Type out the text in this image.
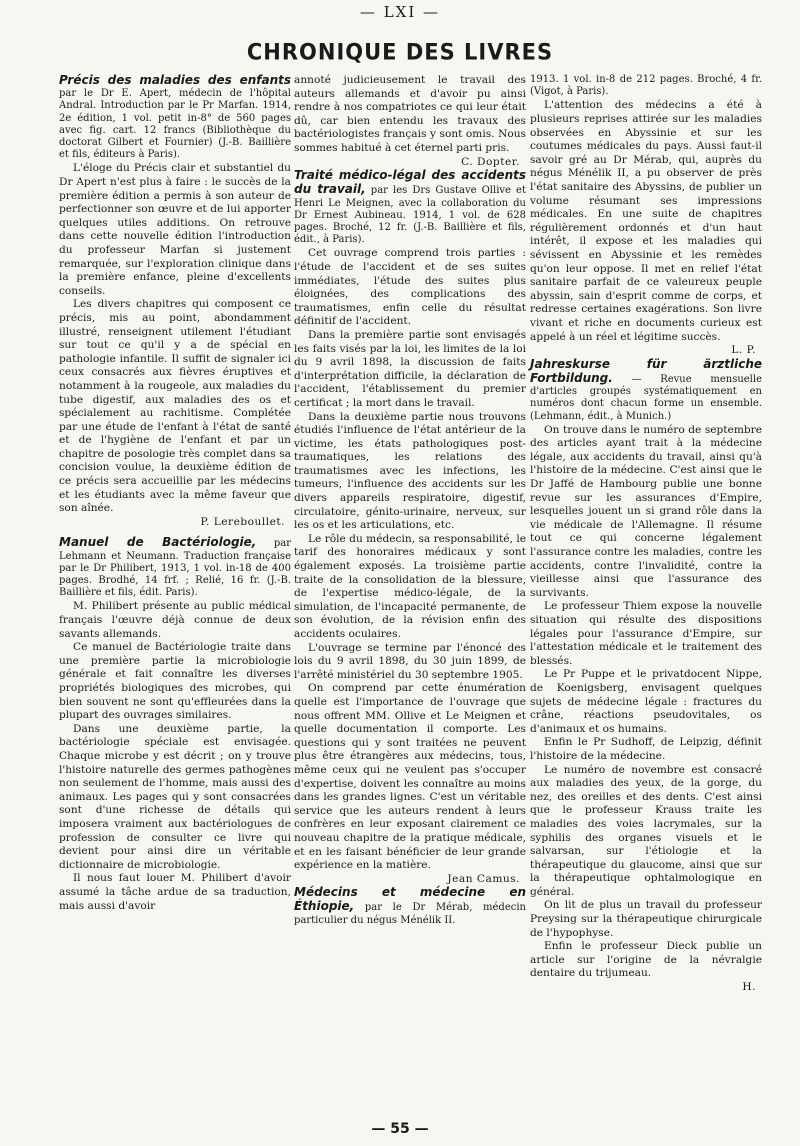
— LXI —
CHRONIQUE DES LIVRES
Précis des maladies des enfants par le Dr E. Apert, médecin de l'hôpital Andral. Introduction par le Pr Marfan. 1914, 2e édition, 1 vol. petit in-8° de 560 pages avec fig. cart. 12 francs (Bibliothèque du doctorat Gilbert et Fournier) (J.-B. Baillière et fils, éditeurs à Paris).

L'éloge du Précis clair et substantiel du Dr Apert n'est plus à faire : le succès de la première édition a permis à son auteur de perfectionner son œuvre et de lui apporter quelques utiles additions. On retrouve dans cette nouvelle édition l'introduction du professeur Marfan si justement remarquée, sur l'exploration clinique dans la première enfance, pleine d'excellents conseils.

Les divers chapitres qui composent ce précis, mis au point, abondamment illustré, renseignent utilement l'étudiant sur tout ce qu'il y a de spécial en pathologie infantile. Il suffit de signaler ici ceux consacrés aux fièvres éruptives et notamment à la rougeole, aux maladies du tube digestif, aux maladies des os et spécialement au rachitisme. Complétée par une étude de l'enfant à l'état de santé et de l'hygiène de l'enfant et par un chapitre de posologie très complet dans sa concision voulue, la deuxième édition de ce précis sera accueillie par les médecins et les étudiants avec la même faveur que son aînée.

P. Lereboullet.

Manuel de Bactériologie, par Lehmann et Neumann. Traduction française par le Dr Philibert, 1913, 1 vol. in-18 de 400 pages. Brodhé, 14 frf. ; Relié, 16 fr. (J.-B. Baillière et fils, édit. Paris).

M. Philibert présente au public médical français l'œuvre déjà connue de deux savants allemands.

Ce manuel de Bactériologie traite dans une première partie la microbiologie générale et fait connaître les diverses propriétés biologiques des microbes, qui bien souvent ne sont qu'effleurées dans la plupart des ouvrages similaires.

Dans une deuxième partie, la bactériologie spéciale est envisagée. Chaque microbe y est décrit ; on y trouve l'histoire naturelle des germes pathogènes non seulement de l'homme, mais aussi des animaux. Les pages qui y sont consacrées sont d'une richesse de détails qui imposera vraiment aux bactériologues de profession de consulter ce livre qui devient pour ainsi dire un véritable dictionnaire de microbiologie.

Il nous faut louer M. Philibert d'avoir assumé la tâche ardue de sa traduction, mais aussi d'avoir

annoté judicieusement le travail des auteurs allemands et d'avoir pu ainsi rendre à nos compatriotes ce qui leur était dû, car bien entendu les travaux des bactériologistes français y sont omis. Nous sommes habitué à cet éternel parti pris.

C. Dopter.

Traité médico-légal des accidents du travail, par les Drs Gustave Ollive et Henri Le Meignen, avec la collaboration du Dr Ernest Aubineau. 1914, 1 vol. de 628 pages. Broché, 12 fr. (J.-B. Baillière et fils, édit., à Paris).

Cet ouvrage comprend trois parties : l'étude de l'accident et de ses suites immédiates, l'étude des suites plus éloignées, des complications des traumatismes, enfin celle du résultat définitif de l'accident.

Dans la première partie sont envisagés les faits visés par la loi, les limites de la loi du 9 avril 1898, la discussion de faits d'interprétation difficile, la déclaration de l'accident, l'établissement du premier certificat ; la mort dans le travail.

Dans la deuxième partie nous trouvons étudiés l'influence de l'état antérieur de la victime, les états pathologiques post-traumatiques, les relations des traumatismes avec les infections, les tumeurs, l'influence des accidents sur les divers appareils respiratoire, digestif, circulatoire, génito-urinaire, nerveux, sur les os et les articulations, etc.

Le rôle du médecin, sa responsabilité, le tarif des honoraires médicaux y sont également exposés. La troisième partie traite de la consolidation de la blessure, de l'expertise médico-légale, de la simulation, de l'incapacité permanente, de son évolution, de la révision enfin des accidents oculaires.

L'ouvrage se termine par l'énoncé des lois du 9 avril 1898, du 30 juin 1899, de l'arrêté ministériel du 30 septembre 1905.

On comprend par cette énumération quelle est l'importance de l'ouvrage que nous offrent MM. Ollive et Le Meignen et quelle documentation il comporte. Les questions qui y sont traitées ne peuvent plus être étrangères aux médecins, tous, même ceux qui ne veulent pas s'occuper d'expertise, doivent les connaître au moins dans les grandes lignes. C'est un véritable service que les auteurs rendent à leurs confrères en leur exposant clairement ce nouveau chapitre de la pratique médicale, et en les faisant bénéficier de leur grande expérience en la matière.

Jean Camus.

Médecins et médecine en Éthiopie, par le Dr Mérab, médecin particulier du négus Ménélik II.
1913. 1 vol. in-8 de 212 pages. Broché, 4 fr. (Vigot, à Paris).

L'attention des médecins a été à plusieurs reprises attirée sur les maladies observées en Abyssinie et sur les coutumes médicales du pays. Aussi faut-il savoir gré au Dr Mérab, qui, auprès du négus Ménélik II, a pu observer de près l'état sanitaire des Abyssins, de publier un volume résumant ses impressions médicales. En une suite de chapitres régulièrement ordonnés et d'un haut intérêt, il expose et les maladies qui sévissent en Abyssinie et les remèdes qu'on leur oppose. Il met en relief l'état sanitaire parfait de ce valeureux peuple abyssin, sain d'esprit comme de corps, et redresse certaines exagérations. Son livre vivant et riche en documents curieux est appelé à un réel et légitime succès.

L. P.

Jahreskurse für ärztliche Fortbildung. — Revue mensuelle d'articles groupés systématiquement en numéros dont chacun forme un ensemble. (Lehmann, édit., à Munich.)

On trouve dans le numéro de septembre des articles ayant trait à la médecine légale, aux accidents du travail, ainsi qu'à l'histoire de la médecine. C'est ainsi que le Dr Jaffé de Hambourg publie une bonne revue sur les assurances d'Empire, lesquelles jouent un si grand rôle dans la vie médicale de l'Allemagne. Il résume tout ce qui concerne légalement l'assurance contre les maladies, contre les accidents, contre l'invalidité, contre la vieillesse ainsi que l'assurance des survivants.

Le professeur Thiem expose la nouvelle situation qui résulte des dispositions légales pour l'assurance d'Empire, sur l'attestation médicale et le traitement des blessés.

Le Pr Puppe et le privatdocent Nippe, de Koenigsberg, envisagent quelques sujets de médecine légale : fractures du crâne, réactions pseudovitales, os d'animaux et os humains.

Enfin le Pr Sudhoff, de Leipzig, définit l'histoire de la médecine.

Le numéro de novembre est consacré aux maladies des yeux, de la gorge, du nez, des oreilles et des dents. C'est ainsi que le professeur Krauss traite les maladies des voies lacrymales, sur la syphilis des organes visuels et le salvarsan, sur l'étiologie et la thérapeutique du glaucome, ainsi que sur la thérapeutique ophtalmologique en général.

On lit de plus un travail du professeur Preysing sur la thérapeutique chirurgicale de l'hypophyse.

Enfin le professeur Dieck publie un article sur l'origine de la névralgie dentaire du trijumeau.

H.

— 55 —
